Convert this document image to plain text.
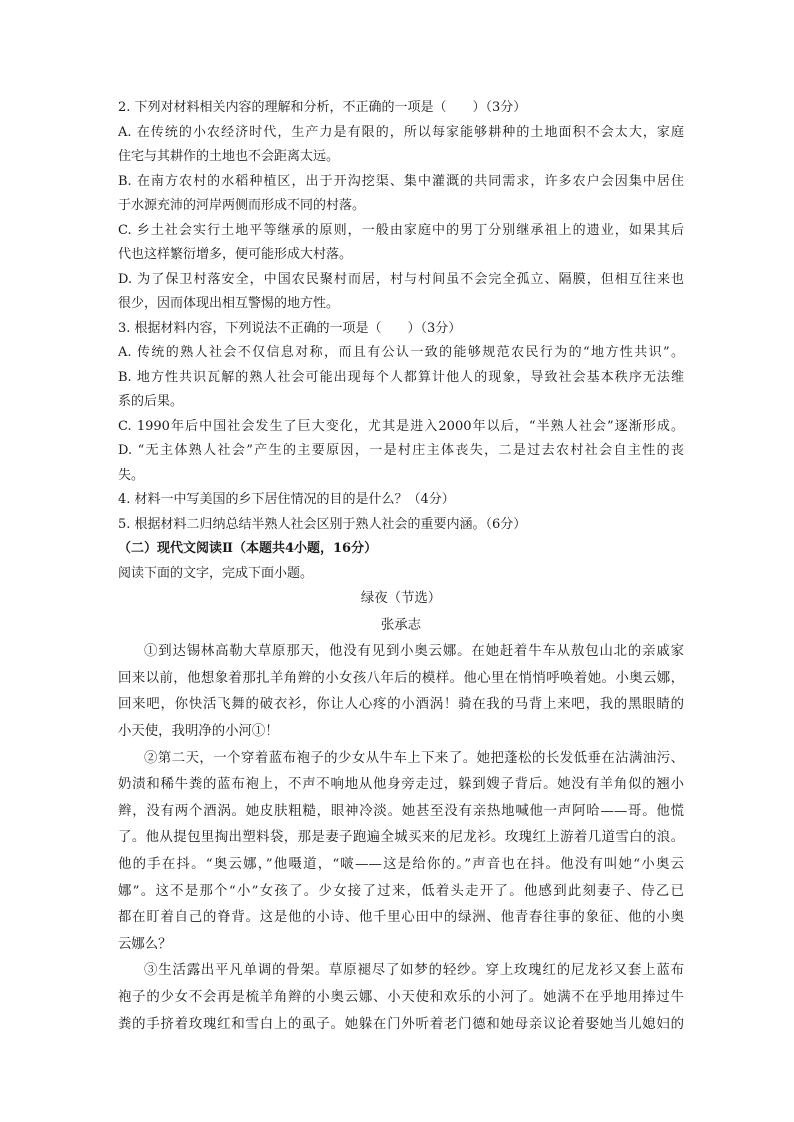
2. 下列对材料相关内容的理解和分析，不正确的一项是（　　）（3分）

A. 在传统的小农经济时代，生产力是有限的，所以每家能够耕种的土地面积不会太大，家庭

住宅与其耕作的土地也不会距离太远。

B. 在南方农村的水稻种植区，出于开沟挖渠、集中灌溉的共同需求，许多农户会因集中居住

于水源充沛的河岸两侧而形成不同的村落。

C. 乡土社会实行土地平等继承的原则，一般由家庭中的男丁分别继承祖上的遗业，如果其后

代也这样繁衍增多，便可能形成大村落。

D. 为了保卫村落安全，中国农民聚村而居，村与村间虽不会完全孤立、隔膜，但相互往来也

很少，因而体现出相互警惕的地方性。

3. 根据材料内容，下列说法不正确的一项是（　　）（3分）

A. 传统的熟人社会不仅信息对称，而且有公认一致的能够规范农民行为的“地方性共识”。

B. 地方性共识瓦解的熟人社会可能出现每个人都算计他人的现象，导致社会基本秩序无法维

系的后果。

C. 1990年后中国社会发生了巨大变化，尤其是进入2000年以后，“半熟人社会”逐渐形成。

D. “无主体熟人社会”产生的主要原因，一是村庄主体丧失，二是过去农村社会自主性的丧

失。

4. 材料一中写美国的乡下居住情况的目的是什么？（4分）

5. 根据材料二归纳总结半熟人社会区别于熟人社会的重要内涵。（6分）

（二）现代文阅读Ⅱ（本题共4小题，16分）

阅读下面的文字，完成下面小题。

绿夜（节选）

张承志

①到达锡林高勒大草原那天，他没有见到小奥云娜。在她赶着牛车从敖包山北的亲戚家

回来以前，他想象着那扎羊角辫的小女孩八年后的模样。他心里在悄悄呼唤着她。小奥云娜，

回来吧，你快活飞舞的破衣衫，你让人心疼的小酒涡！骑在我的马背上来吧，我的黑眼睛的

小天使，我明净的小河①！

②第二天，一个穿着蓝布袍子的少女从牛车上下来了。她把蓬松的长发低垂在沾满油污、

奶渍和稀牛粪的蓝布袍上，不声不响地从他身旁走过，躲到嫂子背后。她没有羊角似的翘小

辫，没有两个酒涡。她皮肤粗糙，眼神冷淡。她甚至没有亲热地喊他一声阿哈——哥。他慌

了。他从提包里掏出塑料袋，那是妻子跑遍全城买来的尼龙衫。玫瑰红上游着几道雪白的浪。

他的手在抖。“奥云娜，”他嗫道，“啵——这是给你的。”声音也在抖。他没有叫她“小奥云

娜”。这不是那个“小”女孩了。少女接了过来，低着头走开了。他感到此刻妻子、侍乙已

都在盯着自己的脊背。这是他的小诗、他千里心田中的绿洲、他青春往事的象征、他的小奥

云娜么？

③生活露出平凡单调的骨架。草原褪尽了如梦的轻纱。穿上玫瑰红的尼龙衫又套上蓝布

袍子的少女不会再是梳羊角辫的小奥云娜、小天使和欢乐的小河了。她满不在乎地用捧过牛

粪的手挤着玫瑰红和雪白上的虱子。她躲在门外听着老门德和她母亲议论着娶她当儿媳妇的
